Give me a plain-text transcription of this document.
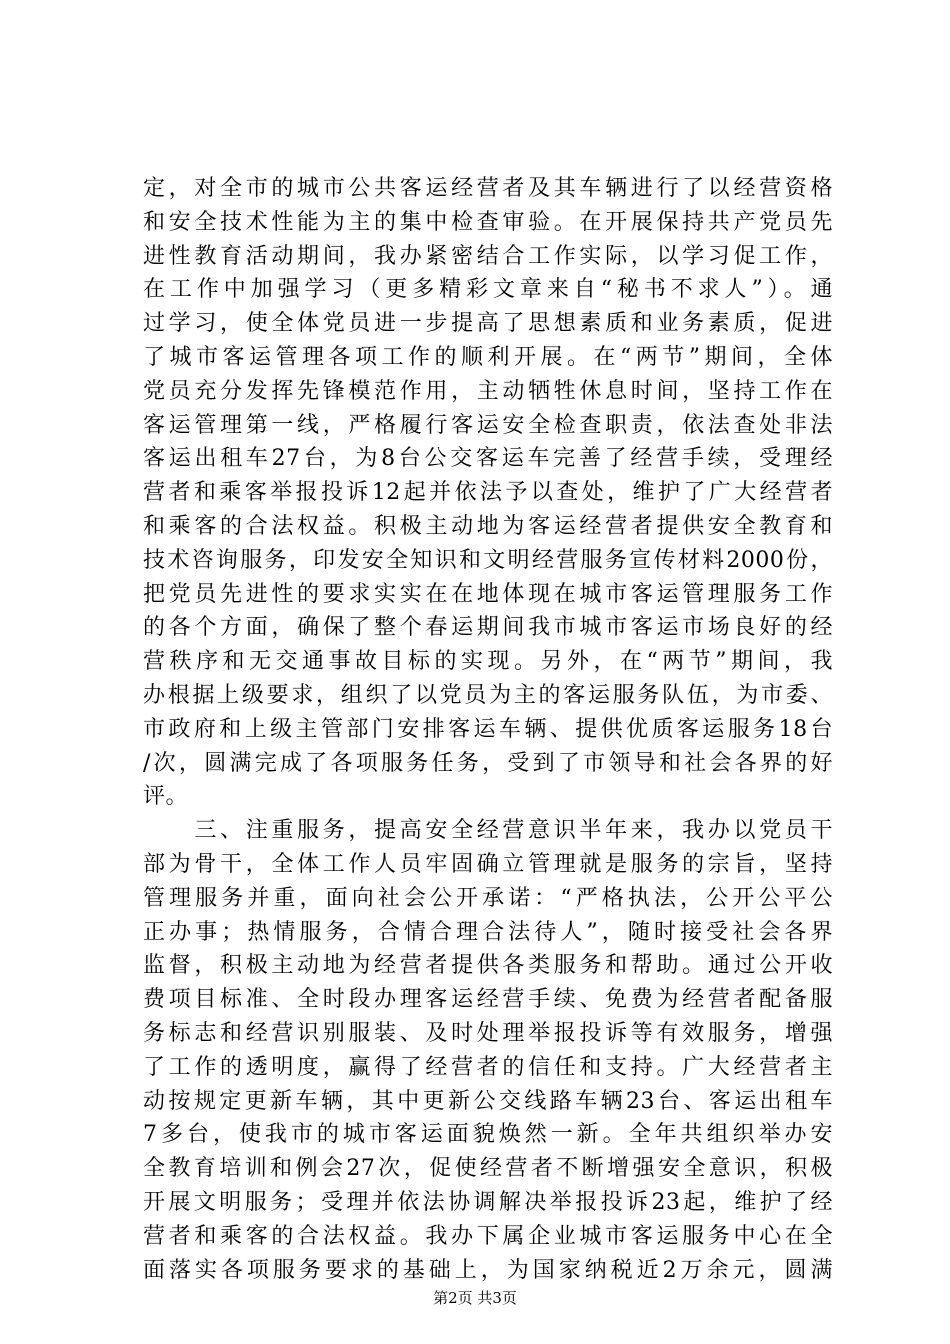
定，对全市的城市公共客运经营者及其车辆进行了以经营资格
和安全技术性能为主的集中检查审验。在开展保持共产党员先
进性教育活动期间，我办紧密结合工作实际，以学习促工作，
在工作中加强学习（更多精彩文章来自“秘书不求人”）。通
过学习，使全体党员进一步提高了思想素质和业务素质，促进
了城市客运管理各项工作的顺利开展。在“两节”期间，全体
党员充分发挥先锋模范作用，主动牺牲休息时间，坚持工作在
客运管理第一线，严格履行客运安全检查职责，依法查处非法
客运出租车27台，为8台公交客运车完善了经营手续，受理经
营者和乘客举报投诉12起并依法予以查处，维护了广大经营者
和乘客的合法权益。积极主动地为客运经营者提供安全教育和
技术咨询服务，印发安全知识和文明经营服务宣传材料2000份，
把党员先进性的要求实实在在地体现在城市客运管理服务工作
的各个方面，确保了整个春运期间我市城市客运市场良好的经
营秩序和无交通事故目标的实现。另外，在“两节”期间，我
办根据上级要求，组织了以党员为主的客运服务队伍，为市委、
市政府和上级主管部门安排客运车辆、提供优质客运服务18台
/次，圆满完成了各项服务任务，受到了市领导和社会各界的好
评。
　　三、注重服务，提高安全经营意识半年来，我办以党员干
部为骨干，全体工作人员牢固确立管理就是服务的宗旨，坚持
管理服务并重，面向社会公开承诺：“严格执法，公开公平公
正办事；热情服务，合情合理合法待人”，随时接受社会各界
监督，积极主动地为经营者提供各类服务和帮助。通过公开收
费项目标准、全时段办理客运经营手续、免费为经营者配备服
务标志和经营识别服装、及时处理举报投诉等有效服务，增强
了工作的透明度，赢得了经营者的信任和支持。广大经营者主
动按规定更新车辆，其中更新公交线路车辆23台、客运出租车
7多台，使我市的城市客运面貌焕然一新。全年共组织举办安
全教育培训和例会27次，促使经营者不断增强安全意识，积极
开展文明服务；受理并依法协调解决举报投诉23起，维护了经
营者和乘客的合法权益。我办下属企业城市客运服务中心在全
面落实各项服务要求的基础上，为国家纳税近2万余元，圆满
第2页 共3页
